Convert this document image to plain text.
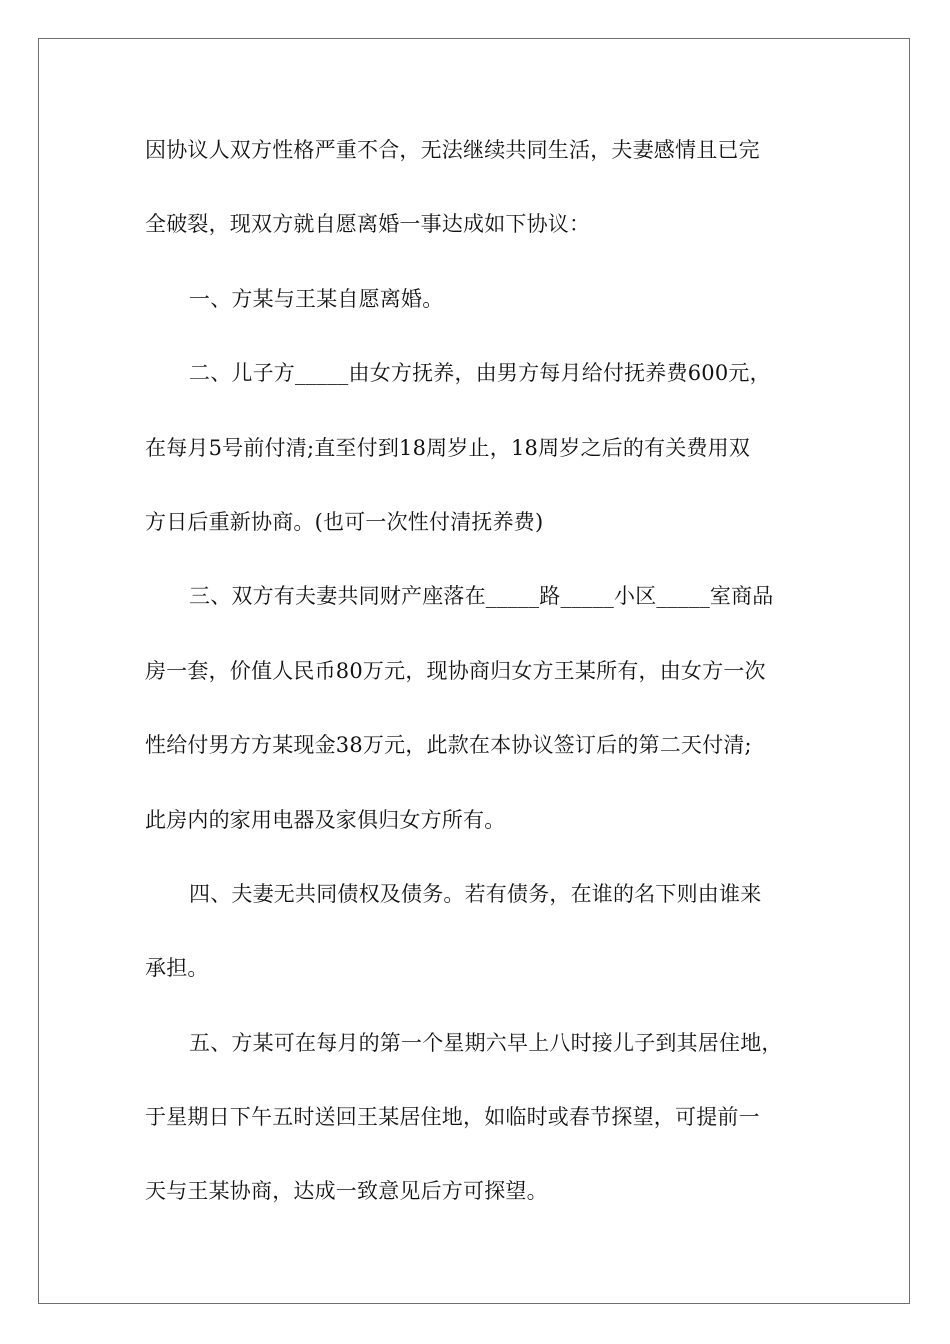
因协议人双方性格严重不合，无法继续共同生活，夫妻感情且已完
全破裂，现双方就自愿离婚一事达成如下协议：
一、方某与王某自愿离婚。
二、儿子方_____由女方抚养，由男方每月给付抚养费600元，
在每月5号前付清;直至付到18周岁止，18周岁之后的有关费用双
方日后重新协商。(也可一次性付清抚养费)
三、双方有夫妻共同财产座落在_____路_____小区_____室商品
房一套，价值人民币80万元，现协商归女方王某所有，由女方一次
性给付男方方某现金38万元，此款在本协议签订后的第二天付清;
此房内的家用电器及家俱归女方所有。
四、夫妻无共同债权及债务。若有债务，在谁的名下则由谁来
承担。
五、方某可在每月的第一个星期六早上八时接儿子到其居住地，
于星期日下午五时送回王某居住地，如临时或春节探望，可提前一
天与王某协商，达成一致意见后方可探望。
